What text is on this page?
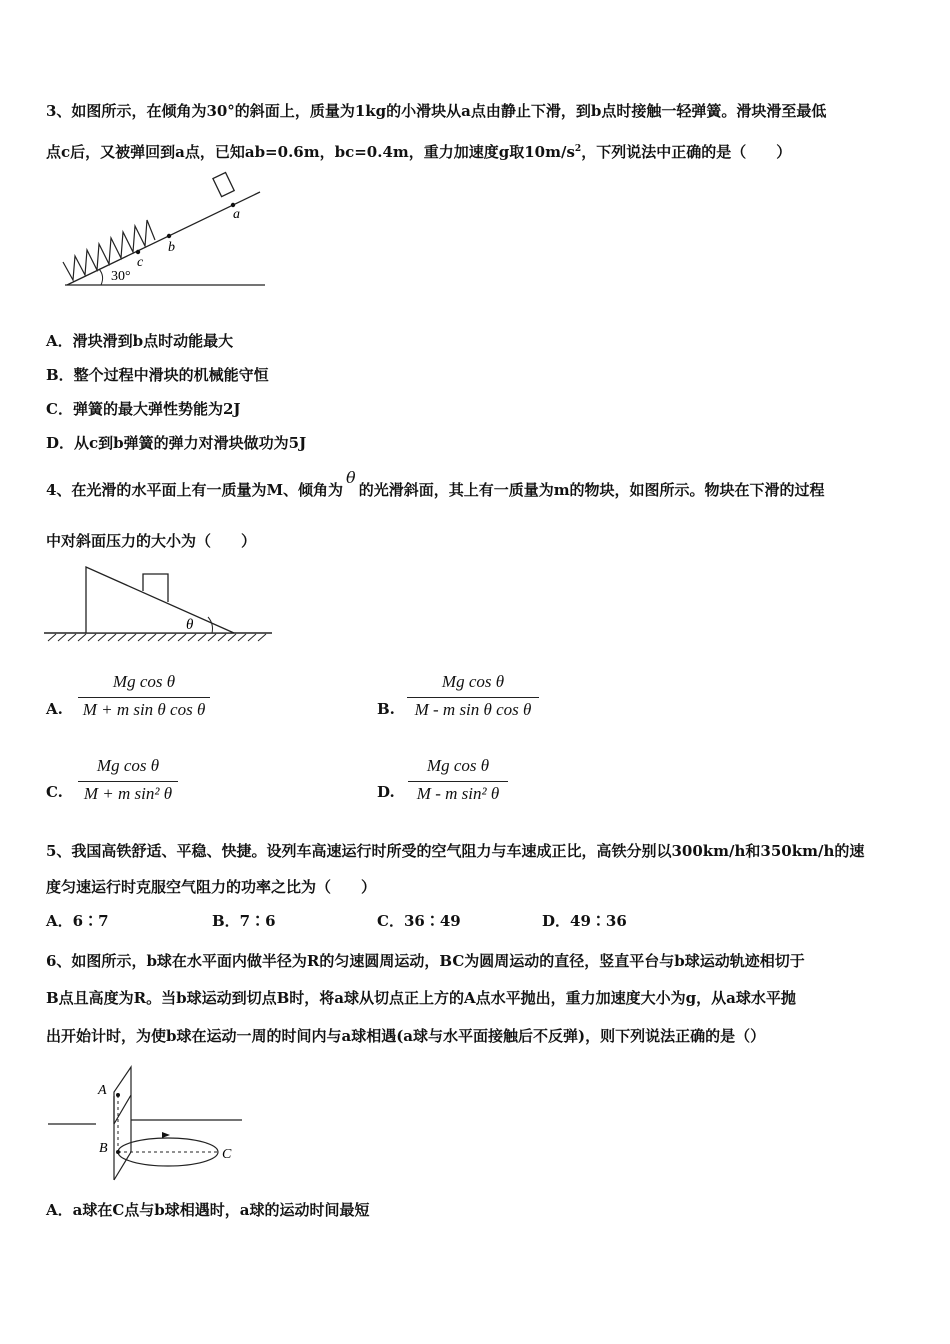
3、如图所示，在倾角为30°的斜面上，质量为1kg的小滑块从a点由静止下滑，到b点时接触一轻弹簧。滑块滑至最低
点c后，又被弹回到a点，已知ab=0.6m，bc=0.4m，重力加速度g取$10m/s^2$，下列说法中正确的是（　　）
a
b
c
30°
A．滑块滑到b点时动能最大
B．整个过程中滑块的机械能守恒
C．弹簧的最大弹性势能为2J
D．从c到b弹簧的弹力对滑块做功为5J
4、在光滑的水平面上有一质量为M、倾角为θ的光滑斜面，其上有一质量为m的物块，如图所示。物块在下滑的过程
中对斜面压力的大小为（　　）
θ
A.
Mg cos θ
M + m sin θ cos θ	B.
Mg cos θ
M - m sin θ cos θ
C.
Mg cos θ
M + m sin² θ	D.
Mg cos θ
M - m sin² θ
5、我国高铁舒适、平稳、快捷。设列车高速运行时所受的空气阻力与车速成正比，高铁分别以300km/h和350km/h的速
度匀速运行时克服空气阻力的功率之比为（　　）
A．6∶7	B．7∶6	C．36∶49	D．49∶36
6、如图所示，b球在水平面内做半径为R的匀速圆周运动，BC为圆周运动的直径，竖直平台与b球运动轨迹相切于
B点且高度为R。当b球运动到切点B时，将a球从切点正上方的A点水平抛出，重力加速度大小为g，从a球水平抛
出开始计时，为使b球在运动一周的时间内与a球相遇(a球与水平面接触后不反弹)，则下列说法正确的是（）
A
B	C
A．a球在C点与b球相遇时，a球的运动时间最短
